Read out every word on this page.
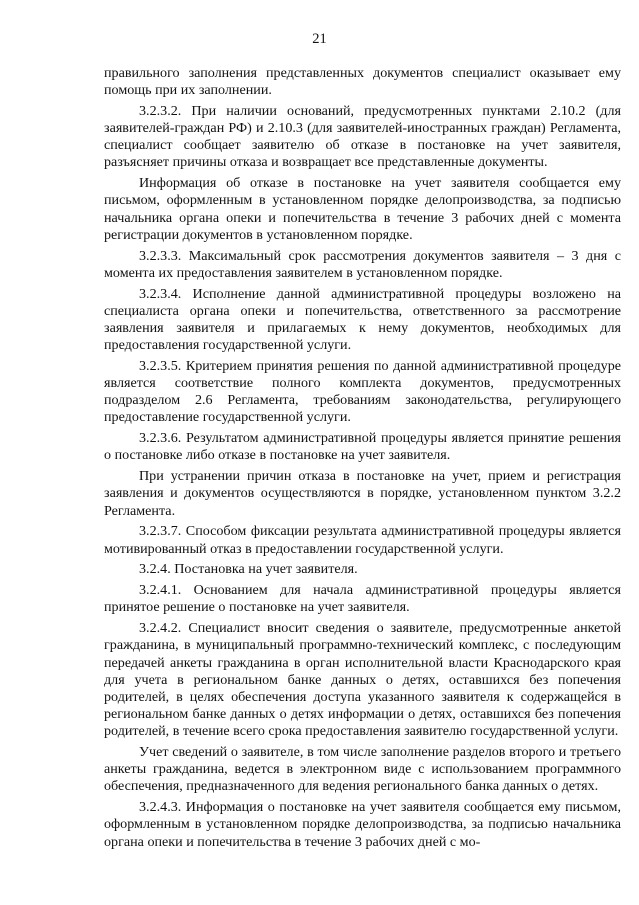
21

правильного заполнения представленных документов специалист оказывает ему помощь при их заполнении.

3.2.3.2. При наличии оснований, предусмотренных пунктами 2.10.2 (для заявителей-граждан РФ) и 2.10.3 (для заявителей-иностранных граждан) Регламента, специалист сообщает заявителю об отказе в постановке на учет заявителя, разъясняет причины отказа и возвращает все представленные документы.

Информация об отказе в постановке на учет заявителя сообщается ему письмом, оформленным в установленном порядке делопроизводства, за подписью начальника органа опеки и попечительства в течение 3 рабочих дней с момента регистрации документов в установленном порядке.

3.2.3.3. Максимальный срок рассмотрения документов заявителя – 3 дня с момента их предоставления заявителем в установленном порядке.

3.2.3.4. Исполнение данной административной процедуры возложено на специалиста органа опеки и попечительства, ответственного за рассмотрение заявления заявителя и прилагаемых к нему документов, необходимых для предоставления государственной услуги.

3.2.3.5. Критерием принятия решения по данной административной процедуре является соответствие полного комплекта документов, предусмотренных подразделом 2.6 Регламента, требованиям законодательства, регулирующего предоставление государственной услуги.

3.2.3.6. Результатом административной процедуры является принятие решения о постановке либо отказе в постановке на учет заявителя.

При устранении причин отказа в постановке на учет, прием и регистрация заявления и документов осуществляются в порядке, установленном пунктом 3.2.2 Регламента.

3.2.3.7. Способом фиксации результата административной процедуры является мотивированный отказ в предоставлении государственной услуги.

3.2.4. Постановка на учет заявителя.

3.2.4.1. Основанием для начала административной процедуры является принятое решение о постановке на учет заявителя.

3.2.4.2. Специалист вносит сведения о заявителе, предусмотренные анкетой гражданина, в муниципальный программно-технический комплекс, с последующим передачей анкеты гражданина в орган исполнительной власти Краснодарского края для учета в региональном банке данных о детях, оставшихся без попечения родителей, в целях обеспечения доступа указанного заявителя к содержащейся в региональном банке данных о детях информации о детях, оставшихся без попечения родителей, в течение всего срока предоставления заявителю государственной услуги.

Учет сведений о заявителе, в том числе заполнение разделов второго и третьего анкеты гражданина, ведется в электронном виде с использованием программного обеспечения, предназначенного для ведения регионального банка данных о детях.

3.2.4.3. Информация о постановке на учет заявителя сообщается ему письмом, оформленным в установленном порядке делопроизводства, за подписью начальника органа опеки и попечительства в течение 3 рабочих дней с мо-
